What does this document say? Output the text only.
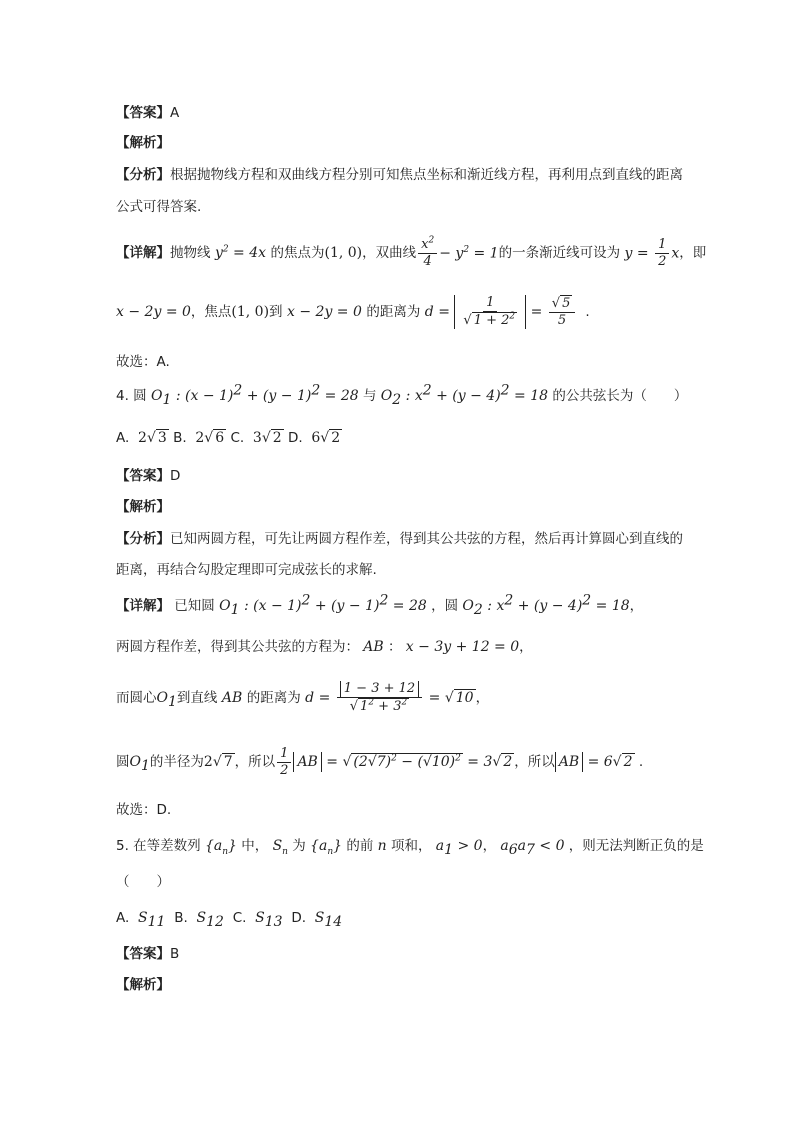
【答案】A
【解析】
【分析】根据抛物线方程和双曲线方程分别可知焦点坐标和渐近线方程，再利用点到直线的距离
公式可得答案.
【详解】 抛物线 $y^2 = 4x$ 的焦点为 (1, 0) ，双曲线 $\frac{x^2}{4} - y^2 = 1$ 的一条渐近线可设为 $y = \frac{1}{2}$ x ，即
x − 2y = 0 ，焦点 (1, 0) 到 x − 2y = 0 的距离为 $d = \frac{1}{√ 1 + 2^2} = \frac{√ 5}{5}$ .
故选：A.
4. 圆 $O_1$ : $(x - 1)^2 + (y - 1)^2 = 28$ 与 $O_2$ : $x^2 + (y - 4)^2 = 18$ 的公共弦长为（　　）
A.  2√ 3 B.  2√ 6 C.  3√ 2 D.  6√ 2
【答案】D
【解析】
【分析】已知两圆方程，可先让两圆方程作差，得到其公共弦的方程，然后再计算圆心到直线的
距离，再结合勾股定理即可完成弦长的求解.
【详解】 已知圆 $O_1$ : $(x - 1)^2 + (y - 1)^2 = 28$ ，圆 $O_2$ : $x^2 + (y - 4)^2 = 18$，
两圆方程作差，得到其公共弦的方程为： AB ： x − 3y + 12 = 0，
而圆心 $O_1$ 到直线 AB 的距离为 $d = \frac{1 - 3 + 12}{√ 1^2 + 3^2}$ = √ 10 ，
圆 $O_1$ 的半径为 2√ 7 ，所以 $\frac{1}{2}$ AB = √ $(2√7)^2 - (√10)^2 = 3√$ 2 ，所以 AB = 6√ 2 .
故选：D.
5. 在等差数列 $\{a_n\}$ 中， $S_n$ 为 $\{a_n\}$ 的前 n 项和， $a_1 > 0$， $a_6a_7 < 0$ ，则无法判断正负的是
（　　）
A.  $S_{11}$ B.  $S_{12}$ C.  $S_{13}$ D.  $S_{14}$
【答案】B
【解析】
